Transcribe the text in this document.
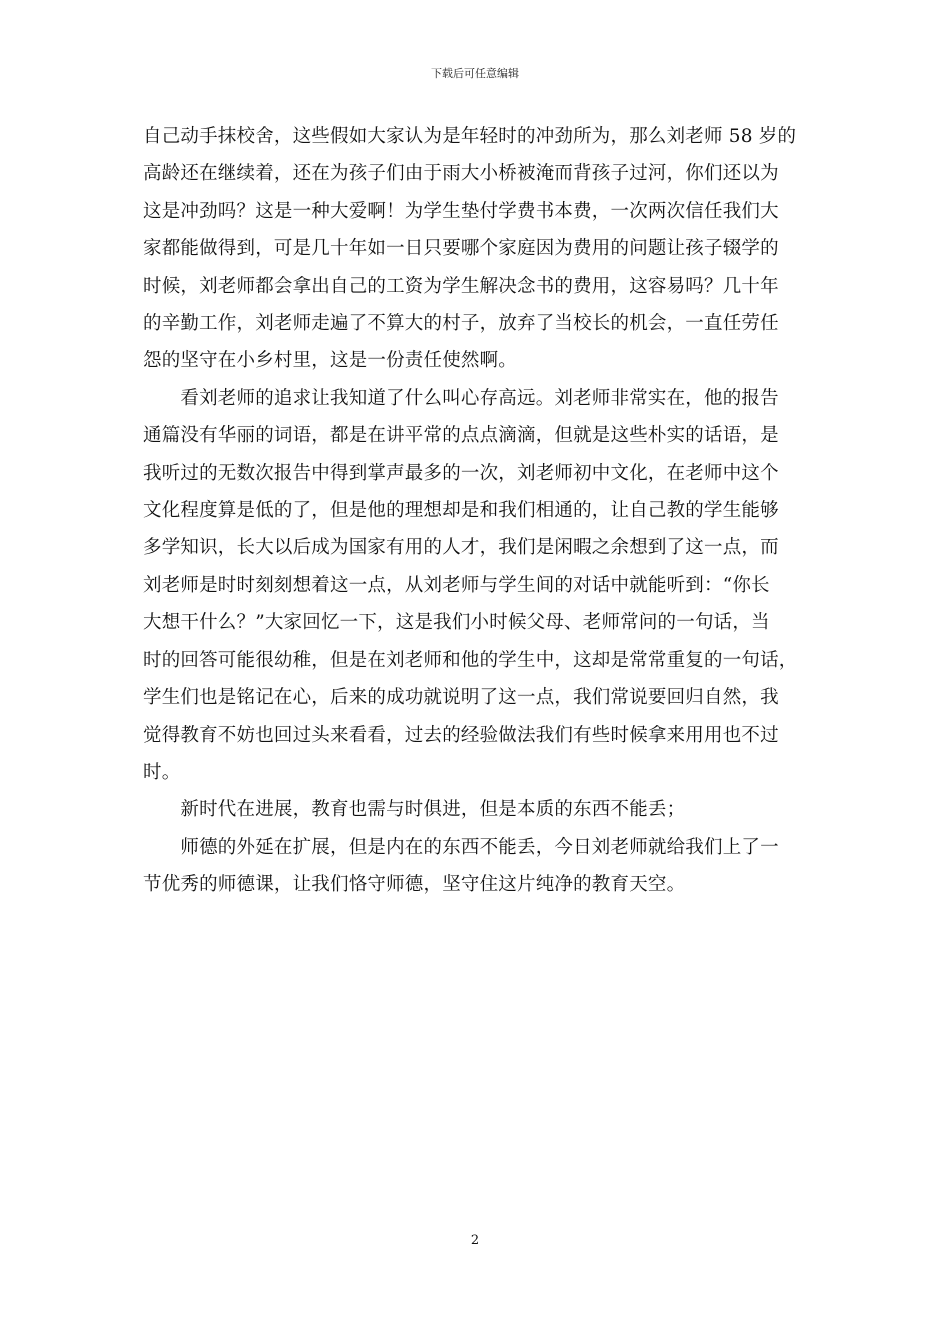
下载后可任意编辑
自己动手抹校舍，这些假如大家认为是年轻时的冲劲所为，那么刘老师 58 岁的
高龄还在继续着，还在为孩子们由于雨大小桥被淹而背孩子过河，你们还以为
这是冲劲吗？这是一种大爱啊！为学生垫付学费书本费，一次两次信任我们大
家都能做得到，可是几十年如一日只要哪个家庭因为费用的问题让孩子辍学的
时候，刘老师都会拿出自己的工资为学生解决念书的费用，这容易吗？几十年
的辛勤工作，刘老师走遍了不算大的村子，放弃了当校长的机会，一直任劳任
怨的坚守在小乡村里，这是一份责任使然啊。
　　看刘老师的追求让我知道了什么叫心存高远。刘老师非常实在，他的报告
通篇没有华丽的词语，都是在讲平常的点点滴滴，但就是这些朴实的话语，是
我听过的无数次报告中得到掌声最多的一次，刘老师初中文化，在老师中这个
文化程度算是低的了，但是他的理想却是和我们相通的，让自己教的学生能够
多学知识，长大以后成为国家有用的人才，我们是闲暇之余想到了这一点，而
刘老师是时时刻刻想着这一点，从刘老师与学生间的对话中就能听到：“你长
大想干什么？”大家回忆一下，这是我们小时候父母、老师常问的一句话，当
时的回答可能很幼稚，但是在刘老师和他的学生中，这却是常常重复的一句话，
学生们也是铭记在心，后来的成功就说明了这一点，我们常说要回归自然，我
觉得教育不妨也回过头来看看，过去的经验做法我们有些时候拿来用用也不过
时。
　　新时代在进展，教育也需与时俱进，但是本质的东西不能丢；
　　师德的外延在扩展，但是内在的东西不能丢，今日刘老师就给我们上了一
节优秀的师德课，让我们恪守师德，坚守住这片纯净的教育天空。
2
